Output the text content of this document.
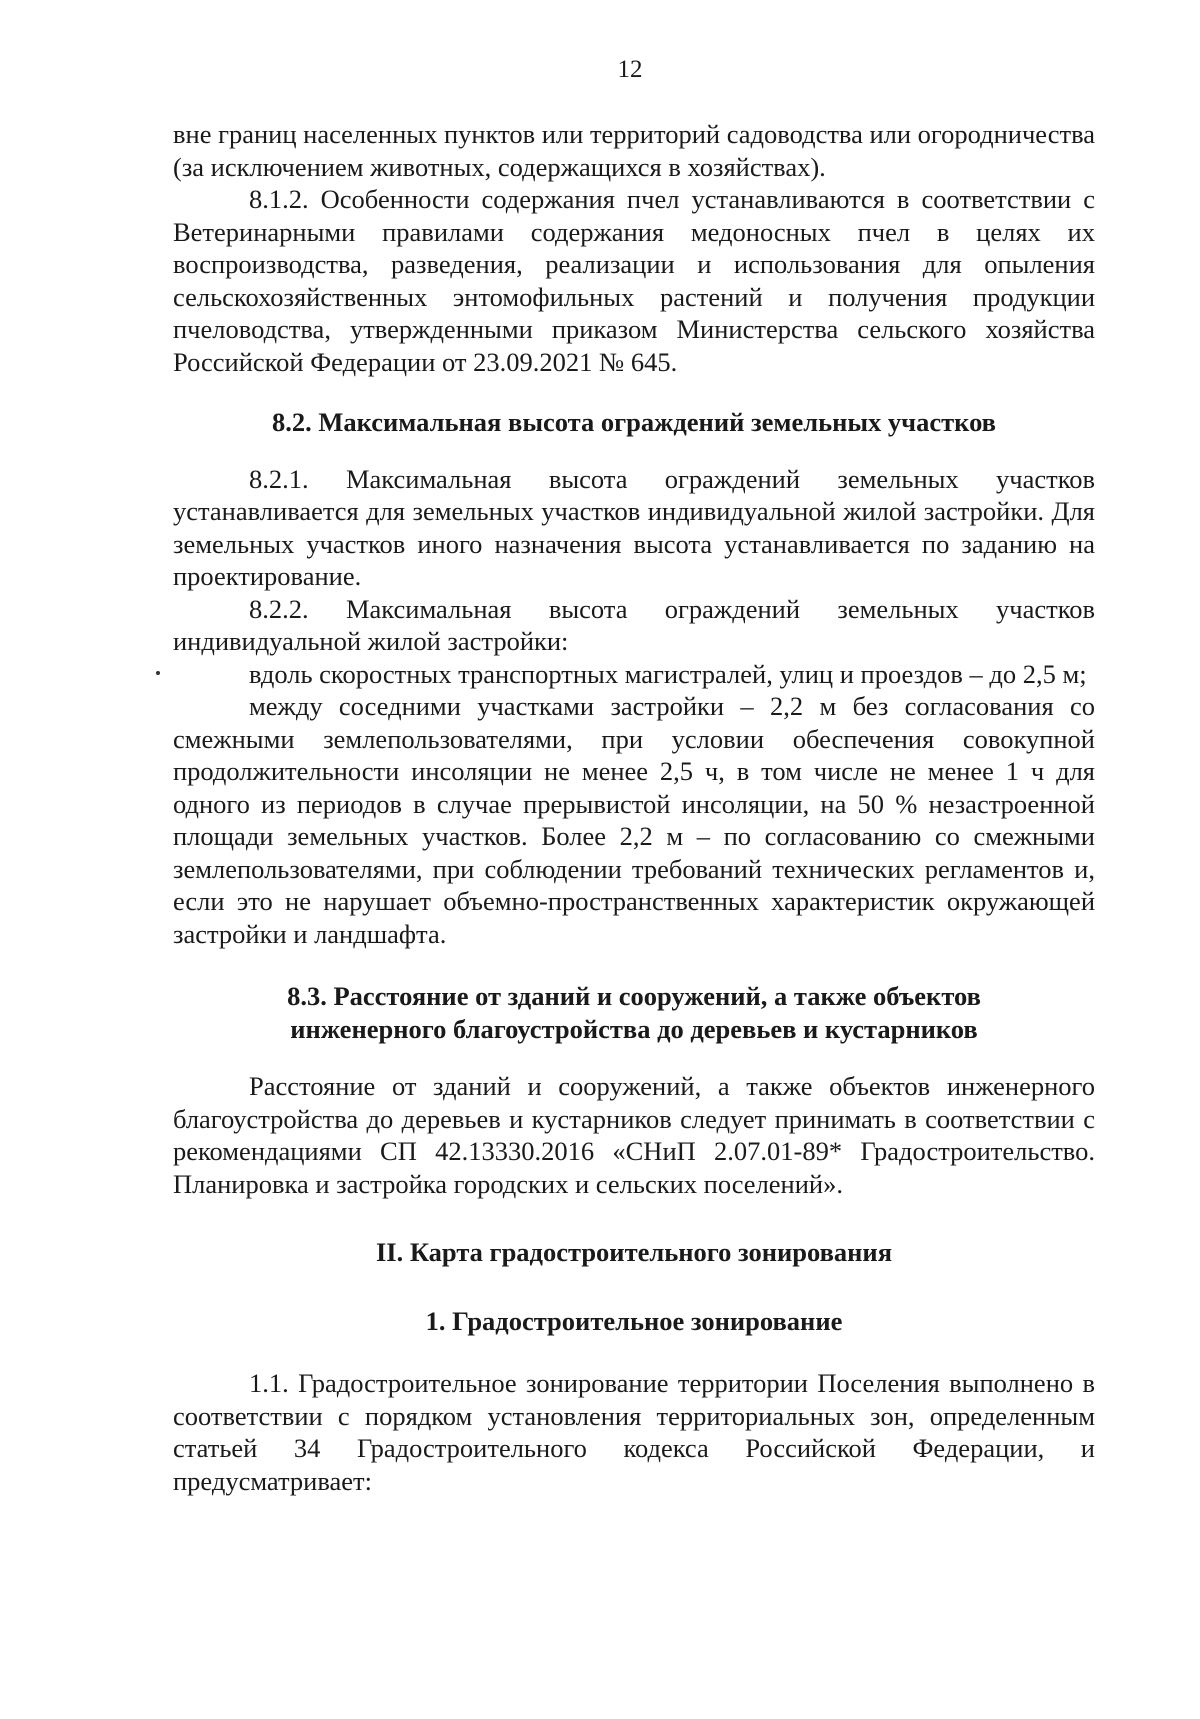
12

вне границ населенных пунктов или территорий садоводства или огородничества (за исключением животных, содержащихся в хозяйствах).

8.1.2. Особенности содержания пчел устанавливаются в соответствии с Ветеринарными правилами содержания медоносных пчел в целях их воспроизводства, разведения, реализации и использования для опыления сельскохозяйственных энтомофильных растений и получения продукции пчеловодства, утвержденными приказом Министерства сельского хозяйства Российской Федерации от 23.09.2021 № 645.

8.2. Максимальная высота ограждений земельных участков

8.2.1. Максимальная высота ограждений земельных участков устанавливается для земельных участков индивидуальной жилой застройки. Для земельных участков иного назначения высота устанавливается по заданию на проектирование.

8.2.2. Максимальная высота ограждений земельных участков индивидуальной жилой застройки:

вдоль скоростных транспортных магистралей, улиц и проездов – до 2,5 м;

между соседними участками застройки – 2,2 м без согласования со смежными землепользователями, при условии обеспечения совокупной продолжительности инсоляции не менее 2,5 ч, в том числе не менее 1 ч для одного из периодов в случае прерывистой инсоляции, на 50 % незастроенной площади земельных участков. Более 2,2 м – по согласованию со смежными землепользователями, при соблюдении требований технических регламентов и, если это не нарушает объемно-пространственных характеристик окружающей застройки и ландшафта.

8.3. Расстояние от зданий и сооружений, а также объектов
инженерного благоустройства до деревьев и кустарников

Расстояние от зданий и сооружений, а также объектов инженерного благоустройства до деревьев и кустарников следует принимать в соответствии с рекомендациями СП 42.13330.2016 «СНиП 2.07.01-89* Градостроительство. Планировка и застройка городских и сельских поселений».

II. Карта градостроительного зонирования
1. Градостроительное зонирование

1.1. Градостроительное зонирование территории Поселения выполнено в соответствии с порядком установления территориальных зон, определенным статьей 34 Градостроительного кодекса Российской Федерации, и предусматривает:
